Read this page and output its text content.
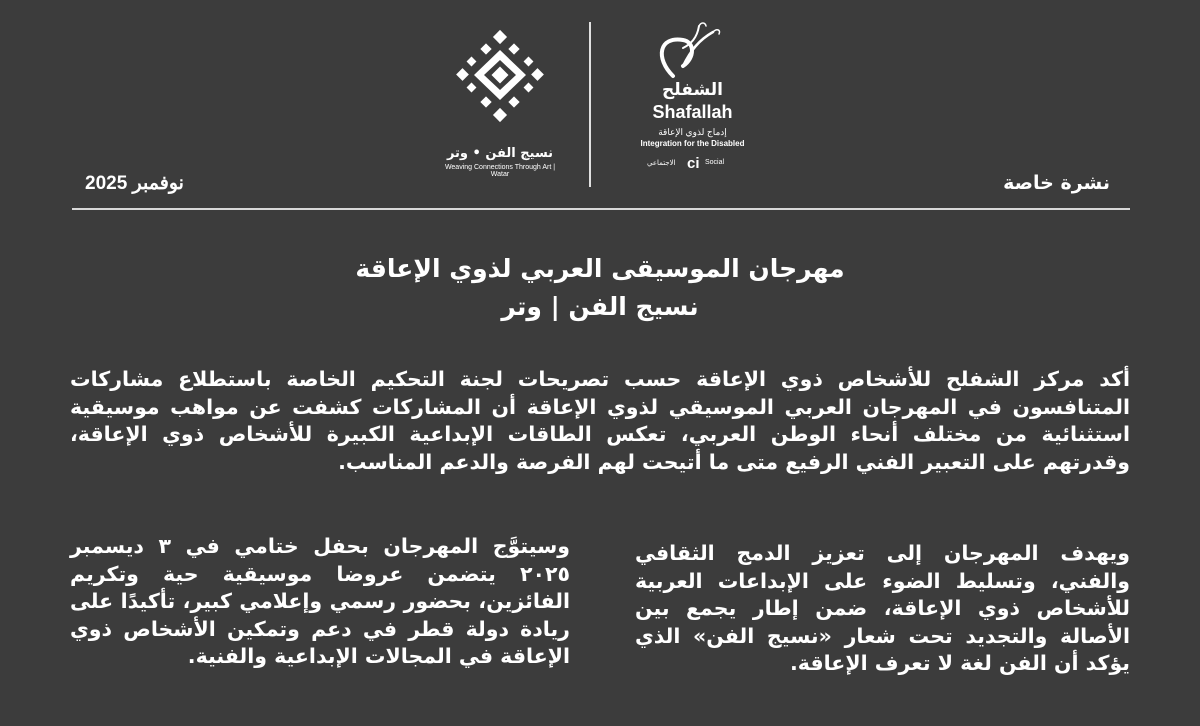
نسيج الفن • وتر
Weaving Connections Through Art | Watar
الشفلح
Shafallah
إدماج لذوي الإعاقة
Integration for the Disabled
الاجتماعي ci Social
نوفمبر 2025	نشرة خاصة
مهرجان الموسيقى العربي لذوي الإعاقة
نسيج الفن | وتر
أكد مركز الشفلح للأشخاص ذوي الإعاقة حسب تصريحات لجنة التحكيم الخاصة باستطلاع مشاركات المتنافسون في المهرجان العربي الموسيقي لذوي الإعاقة أن المشاركات كشفت عن مواهب موسيقية استثنائية من مختلف أنحاء الوطن العربي، تعكس الطاقات الإبداعية الكبيرة للأشخاص ذوي الإعاقة، وقدرتهم على التعبير الفني الرفيع متى ما أتيحت لهم الفرصة والدعم المناسب.
ويهدف المهرجان إلى تعزيز الدمج الثقافي والفني، وتسليط الضوء على الإبداعات العربية للأشخاص ذوي الإعاقة، ضمن إطار يجمع بين الأصالة والتجديد تحت شعار «نسيج الفن» الذي يؤكد أن الفن لغة لا تعرف الإعاقة.
وسيتوَّج المهرجان بحفل ختامي في ٣ ديسمبر ٢٠٢٥ يتضمن عروضا موسيقية حية وتكريم الفائزين، بحضور رسمي وإعلامي كبير، تأكيدًا على ريادة دولة قطر في دعم وتمكين الأشخاص ذوي الإعاقة في المجالات الإبداعية والفنية.
